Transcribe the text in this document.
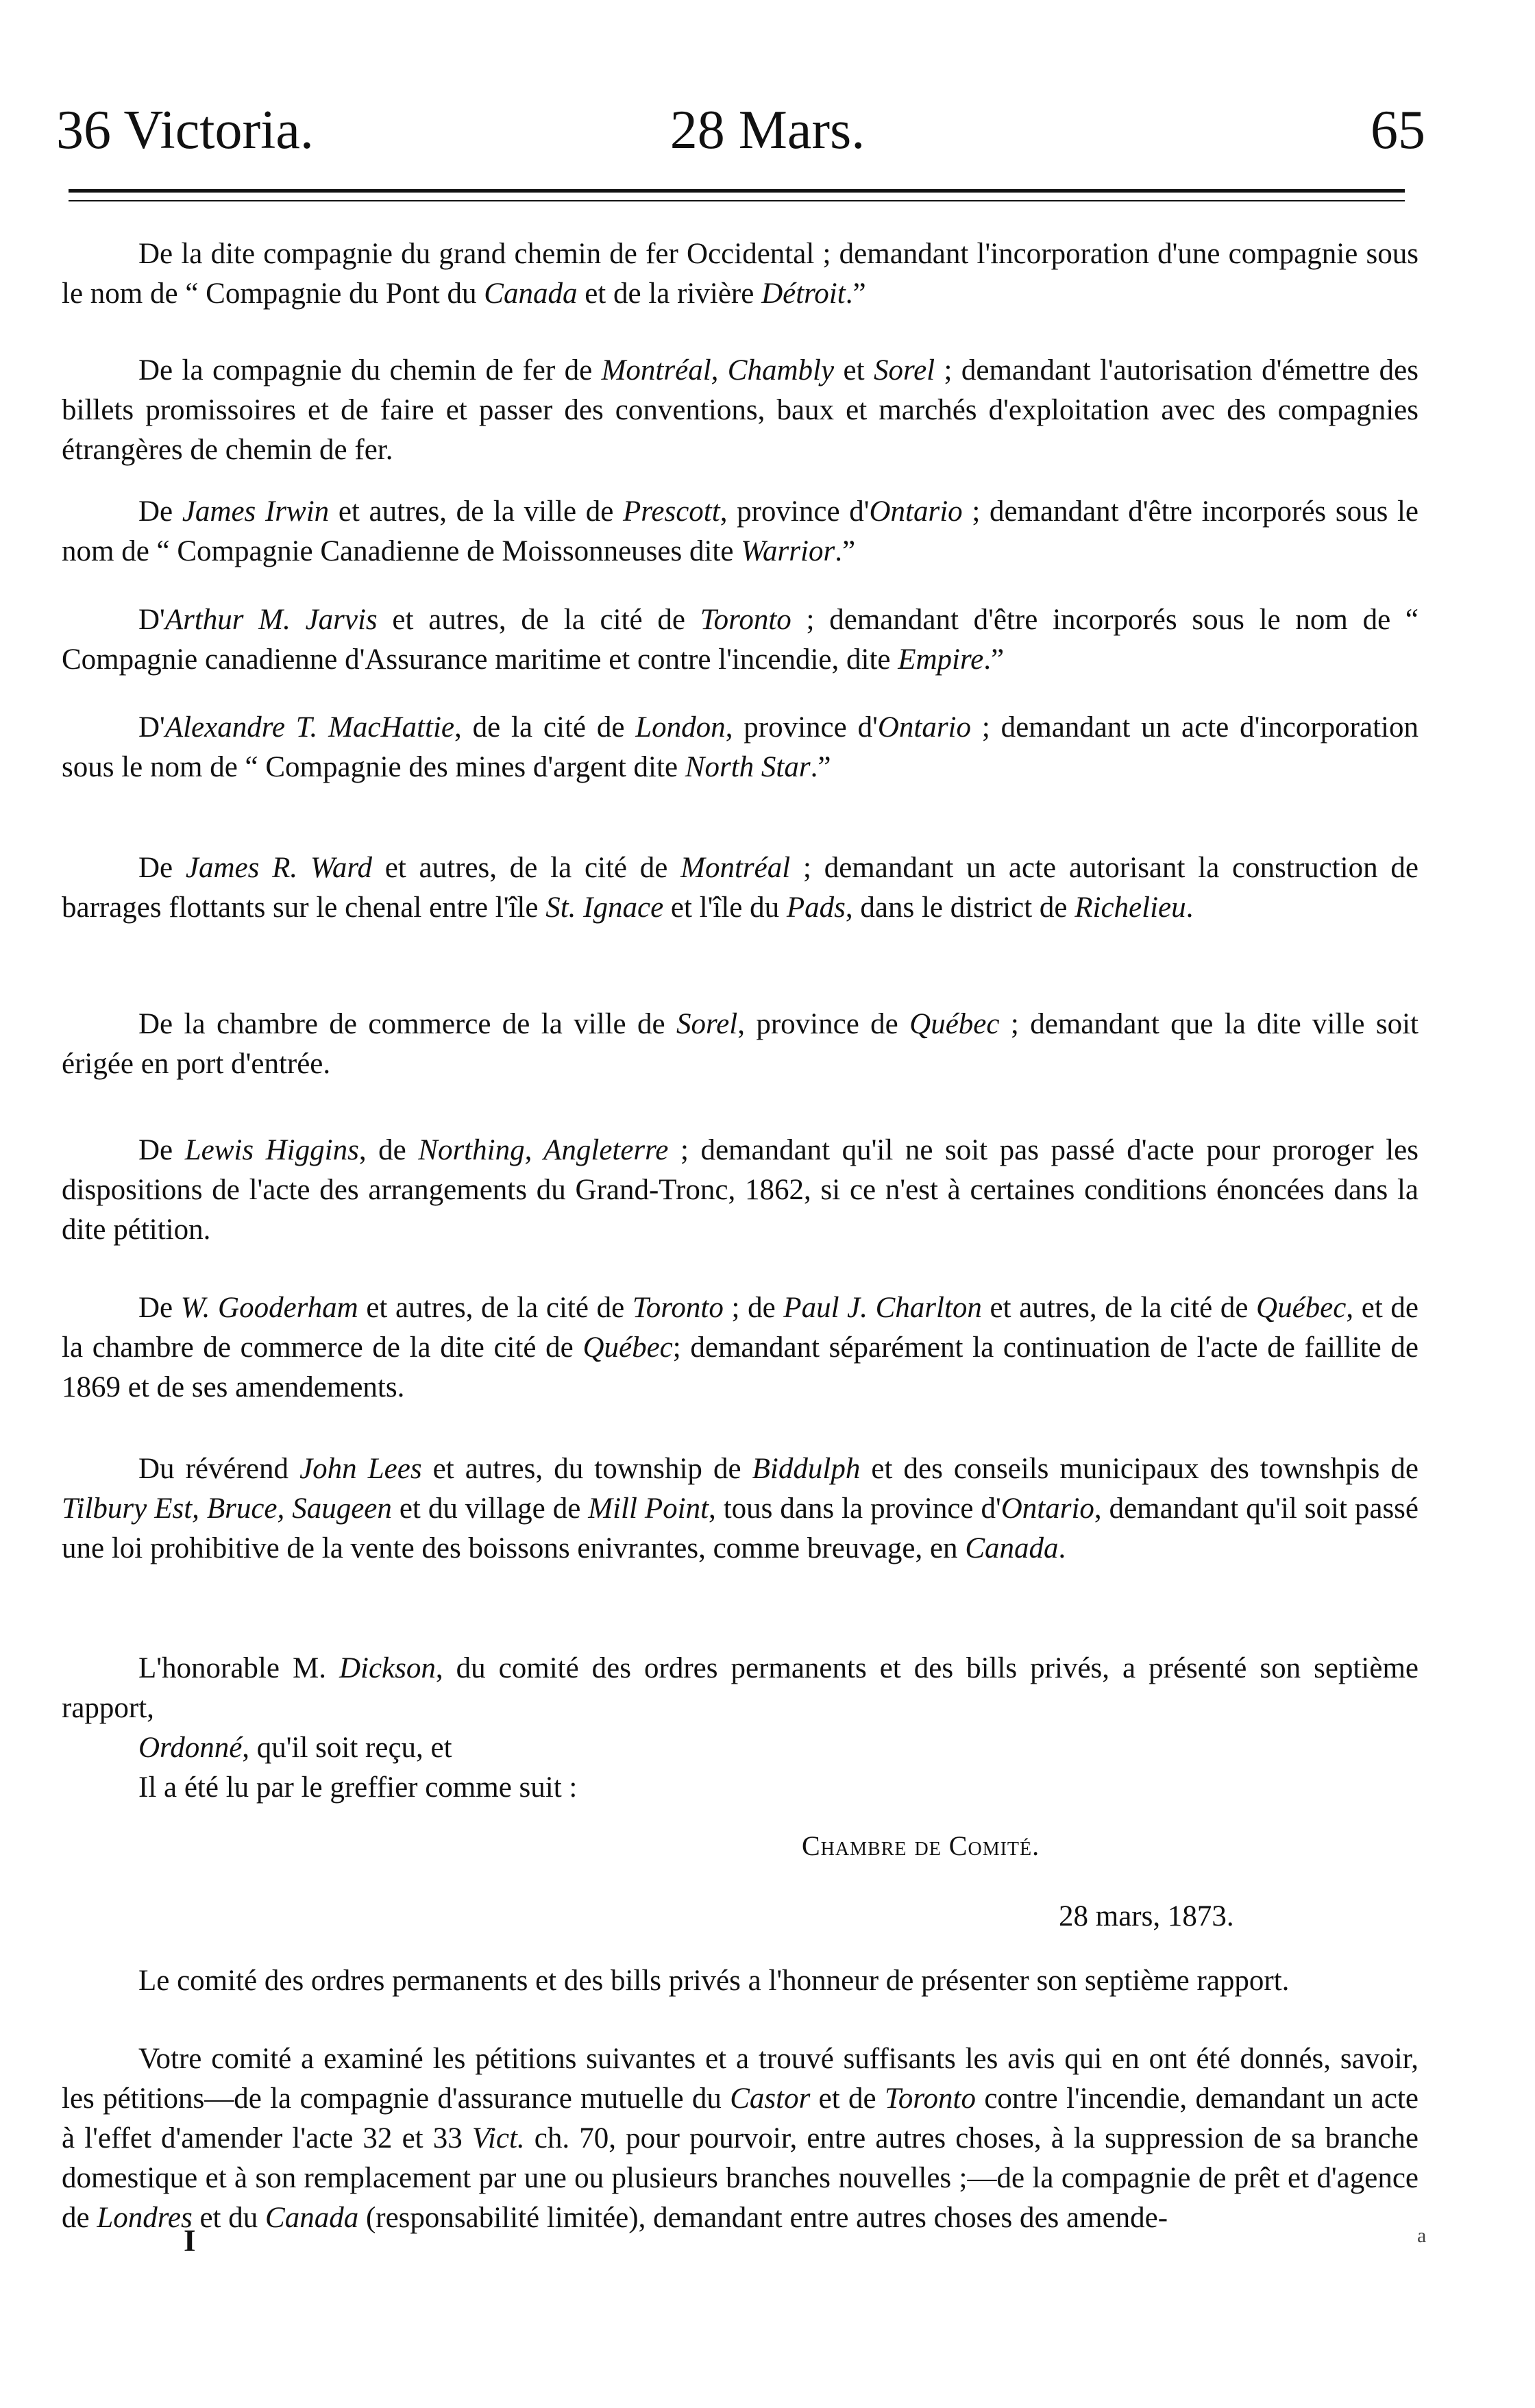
36 Victoria.	28 Mars.	65

De la dite compagnie du grand chemin de fer Occidental ; demandant l'incorporation d'une compagnie sous le nom de “ Compagnie du Pont du Canada et de la rivière Détroit.”

De la compagnie du chemin de fer de Montréal, Chambly et Sorel ; demandant l'autorisation d'émettre des billets promissoires et de faire et passer des conventions, baux et marchés d'exploitation avec des compagnies étrangères de chemin de fer.

De James Irwin et autres, de la ville de Prescott, province d'Ontario ; demandant d'être incorporés sous le nom de “ Compagnie Canadienne de Moissonneuses dite Warrior.”

D'Arthur M. Jarvis et autres, de la cité de Toronto ; demandant d'être incorporés sous le nom de “ Compagnie canadienne d'Assurance maritime et contre l'incendie, dite Empire.”

D'Alexandre T. MacHattie, de la cité de London, province d'Ontario ; demandant un acte d'incorporation sous le nom de “ Compagnie des mines d'argent dite North Star.”

De James R. Ward et autres, de la cité de Montréal ; demandant un acte autorisant la construction de barrages flottants sur le chenal entre l'île St. Ignace et l'île du Pads, dans le district de Richelieu.

De la chambre de commerce de la ville de Sorel, province de Québec ; demandant que la dite ville soit érigée en port d'entrée.

De Lewis Higgins, de Northing, Angleterre ; demandant qu'il ne soit pas passé d'acte pour proroger les dispositions de l'acte des arrangements du Grand-Tronc, 1862, si ce n'est à certaines conditions énoncées dans la dite pétition.

De W. Gooderham et autres, de la cité de Toronto ; de Paul J. Charlton et autres, de la cité de Québec, et de la chambre de commerce de la dite cité de Québec; demandant séparément la continuation de l'acte de faillite de 1869 et de ses amendements.

Du révérend John Lees et autres, du township de Biddulph et des conseils municipaux des townshpis de Tilbury Est, Bruce, Saugeen et du village de Mill Point, tous dans la province d'Ontario, demandant qu'il soit passé une loi prohibitive de la vente des boissons enivrantes, comme breuvage, en Canada.

L'honorable M. Dickson, du comité des ordres permanents et des bills privés, a présenté son septième rapport,

Ordonné, qu'il soit reçu, et

Il a été lu par le greffier comme suit :

Chambre de Comité.
28 mars, 1873.

Le comité des ordres permanents et des bills privés a l'honneur de présenter son septième rapport.

Votre comité a examiné les pétitions suivantes et a trouvé suffisants les avis qui en ont été donnés, savoir, les pétitions—de la compagnie d'assurance mutuelle du Castor et de Toronto contre l'incendie, demandant un acte à l'effet d'amender l'acte 32 et 33 Vict. ch. 70, pour pourvoir, entre autres choses, à la suppression de sa branche domestique et à son remplacement par une ou plusieurs branches nouvelles ;—de la compagnie de prêt et d'agence de Londres et du Canada (responsabilité limitée), demandant entre autres choses des amende-

I	a
